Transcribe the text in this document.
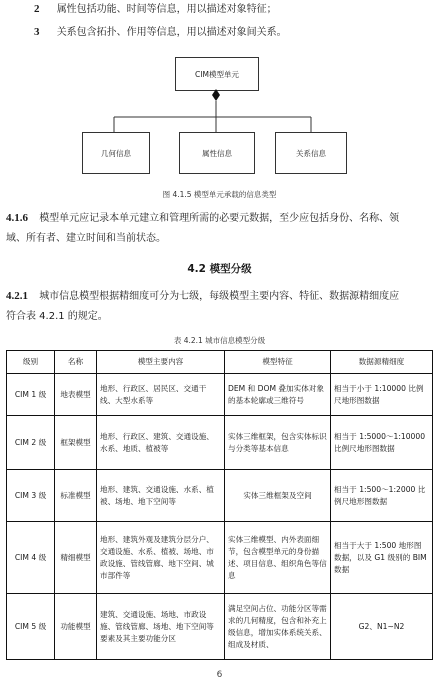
2 属性包括功能、时间等信息，用以描述对象特征；
3 关系包含拓扑、作用等信息，用以描述对象间关系。
CIM模型单元
几何信息	属性信息	关系信息
图 4.1.5 模型单元承载的信息类型
4.1.6 模型单元应记录本单元建立和管理所需的必要元数据，至少应包括身份、名称、领
域、所有者、建立时间和当前状态。
4.2 模型分级
4.2.1 城市信息模型根据精细度可分为七级，每级模型主要内容、特征、数据源精细度应
符合表 4.2.1 的规定。
表 4.2.1 城市信息模型分级
级别	名称	模型主要内容	模型特征	数据源精细度
CIM 1 级	地表模型	地形、行政区、居民区、交通干线、大型水系等	DEM 和 DOM 叠加实体对象的基本轮廓或三维符号	相当于小于 1:10000 比例尺地形图数据
CIM 2 级	框架模型	地形、行政区、建筑、交通设施、水系、地质、植被等	实体三维框架，包含实体标识与分类等基本信息	相当于 1:5000～1:10000 比例尺地形图数据
CIM 3 级	标准模型	地形、建筑、交通设施、水系、植被、场地、地下空间等	实体三维框架及空间	相当于 1:500～1:2000 比例尺地形图数据
CIM 4 级	精细模型	地形、建筑外观及建筑分层分户、交通设施、水系、植被、场地、市政设施、管线管廊、地下空间、城市部件等	实体三维模型、内外表面细节，包含模型单元的身份描述、项目信息、组织角色等信息	相当于大于 1:500 地形图数据，以及 G1 级别的 BIM 数据
CIM 5 级	功能模型	建筑、交通设施、场地、市政设施、管线管廊、场地、地下空间等要素及其主要功能分区	满足空间占位、功能分区等需求的几何精度，包含和补充上级信息，增加实体系统关系、组成及材质、	G2、N1~N2
6
